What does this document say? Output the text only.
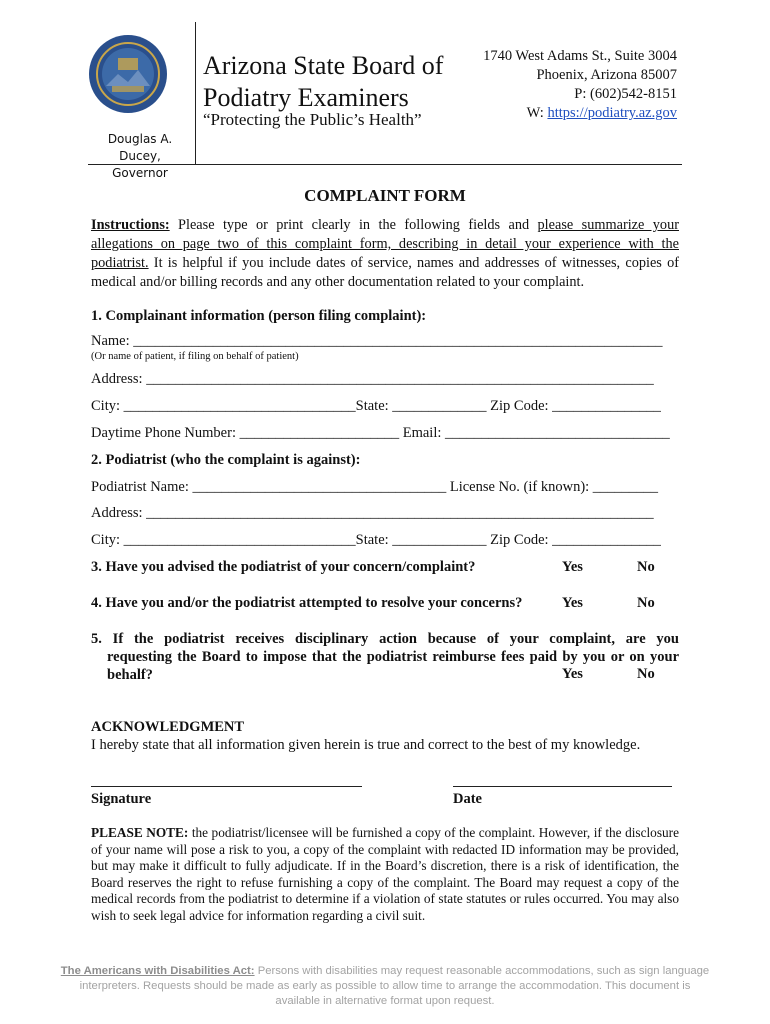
Arizona State Board of
Podiatry Examiners
“Protecting the Public’s Health”
Douglas A. Ducey,
Governor
1740 West Adams St., Suite 3004
Phoenix, Arizona 85007
P: (602)542-8151
W: https://podiatry.az.gov
COMPLAINT FORM
Instructions: Please type or print clearly in the following fields and please summarize your allegations on page two of this complaint form, describing in detail your experience with the podiatrist. It is helpful if you include dates of service, names and addresses of witnesses, copies of medical and/or billing records and any other documentation related to your complaint.
1. Complainant information (person filing complaint):
Name: _________________________________________________________________________
(Or name of patient, if filing on behalf of patient)
Address: ______________________________________________________________________
City: ________________________________State: _____________ Zip Code: _______________
Daytime Phone Number: ______________________ Email: _______________________________
2. Podiatrist (who the complaint is against):
Podiatrist Name: ___________________________________ License No. (if known): _________
Address: ______________________________________________________________________
City: ________________________________State: _____________ Zip Code: _______________
3. Have you advised the podiatrist of your concern/complaint?	Yes	No
4. Have you and/or the podiatrist attempted to resolve your concerns?	Yes	No
5. If the podiatrist receives disciplinary action because of your complaint, are you
requesting the Board to impose that the podiatrist reimburse fees paid by you or on your
behalf?	Yes	No
ACKNOWLEDGMENT
I hereby state that all information given herein is true and correct to the best of my knowledge.
Signature	Date
PLEASE NOTE: the podiatrist/licensee will be furnished a copy of the complaint. However, if the disclosure of your name will pose a risk to you, a copy of the complaint with redacted ID information may be provided, but may make it difficult to fully adjudicate. If in the Board’s discretion, there is a risk of identification, the Board reserves the right to refuse furnishing a copy of the complaint. The Board may request a copy of the medical records from the podiatrist to determine if a violation of state statutes or rules occurred. You may also wish to seek legal advice for information regarding a civil suit.
The Americans with Disabilities Act: Persons with disabilities may request reasonable accommodations, such as sign language interpreters. Requests should be made as early as possible to allow time to arrange the accommodation. This document is available in alternative format upon request.
